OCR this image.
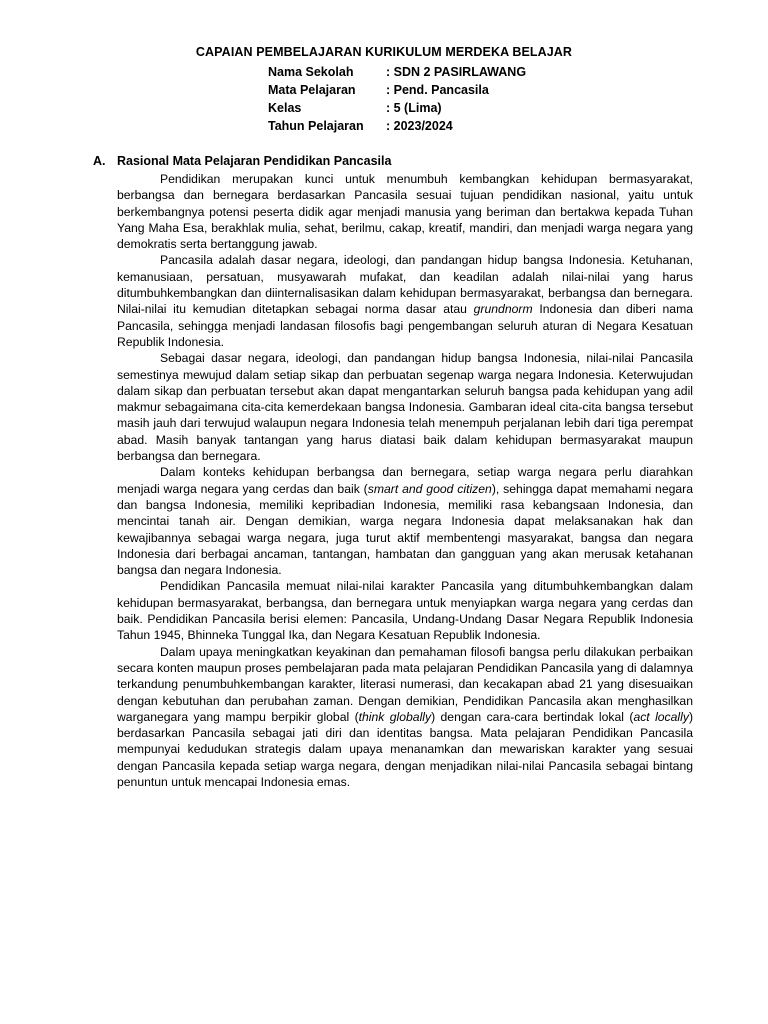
CAPAIAN PEMBELAJARAN KURIKULUM MERDEKA BELAJAR
Nama Sekolah	: SDN 2 PASIRLAWANG
Mata Pelajaran	: Pend. Pancasila
Kelas	: 5 (Lima)
Tahun Pelajaran	: 2023/2024
A. Rasional Mata Pelajaran Pendidikan Pancasila

Pendidikan merupakan kunci untuk menumbuh kembangkan kehidupan bermasyarakat, berbangsa dan bernegara berdasarkan Pancasila sesuai tujuan pendidikan nasional, yaitu untuk berkembangnya potensi peserta didik agar menjadi manusia yang beriman dan bertakwa kepada Tuhan Yang Maha Esa, berakhlak mulia, sehat, berilmu, cakap, kreatif, mandiri, dan menjadi warga negara yang demokratis serta bertanggung jawab.

Pancasila adalah dasar negara, ideologi, dan pandangan hidup bangsa Indonesia. Ketuhanan, kemanusiaan, persatuan, musyawarah mufakat, dan keadilan adalah nilai-nilai yang harus ditumbuhkembangkan dan diinternalisasikan dalam kehidupan bermasyarakat, berbangsa dan bernegara. Nilai-nilai itu kemudian ditetapkan sebagai norma dasar atau grundnorm Indonesia dan diberi nama Pancasila, sehingga menjadi landasan filosofis bagi pengembangan seluruh aturan di Negara Kesatuan Republik Indonesia.

Sebagai dasar negara, ideologi, dan pandangan hidup bangsa Indonesia, nilai-nilai Pancasila semestinya mewujud dalam setiap sikap dan perbuatan segenap warga negara Indonesia. Keterwujudan dalam sikap dan perbuatan tersebut akan dapat mengantarkan seluruh bangsa pada kehidupan yang adil makmur sebagaimana cita-cita kemerdekaan bangsa Indonesia. Gambaran ideal cita-cita bangsa tersebut masih jauh dari terwujud walaupun negara Indonesia telah menempuh perjalanan lebih dari tiga perempat abad. Masih banyak tantangan yang harus diatasi baik dalam kehidupan bermasyarakat maupun berbangsa dan bernegara.

Dalam konteks kehidupan berbangsa dan bernegara, setiap warga negara perlu diarahkan menjadi warga negara yang cerdas dan baik (smart and good citizen), sehingga dapat memahami negara dan bangsa Indonesia, memiliki kepribadian Indonesia, memiliki rasa kebangsaan Indonesia, dan mencintai tanah air. Dengan demikian, warga negara Indonesia dapat melaksanakan hak dan kewajibannya sebagai warga negara, juga turut aktif membentengi masyarakat, bangsa dan negara Indonesia dari berbagai ancaman, tantangan, hambatan dan gangguan yang akan merusak ketahanan bangsa dan negara Indonesia.

Pendidikan Pancasila memuat nilai-nilai karakter Pancasila yang ditumbuhkembangkan dalam kehidupan bermasyarakat, berbangsa, dan bernegara untuk menyiapkan warga negara yang cerdas dan baik. Pendidikan Pancasila berisi elemen: Pancasila, Undang-Undang Dasar Negara Republik Indonesia Tahun 1945, Bhinneka Tunggal Ika, dan Negara Kesatuan Republik Indonesia.

Dalam upaya meningkatkan keyakinan dan pemahaman filosofi bangsa perlu dilakukan perbaikan secara konten maupun proses pembelajaran pada mata pelajaran Pendidikan Pancasila yang di dalamnya terkandung penumbuhkembangan karakter, literasi numerasi, dan kecakapan abad 21 yang disesuaikan dengan kebutuhan dan perubahan zaman. Dengan demikian, Pendidikan Pancasila akan menghasilkan warganegara yang mampu berpikir global (think globally) dengan cara-cara bertindak lokal (act locally) berdasarkan Pancasila sebagai jati diri dan identitas bangsa. Mata pelajaran Pendidikan Pancasila mempunyai kedudukan strategis dalam upaya menanamkan dan mewariskan karakter yang sesuai dengan Pancasila kepada setiap warga negara, dengan menjadikan nilai-nilai Pancasila sebagai bintang penuntun untuk mencapai Indonesia emas.
